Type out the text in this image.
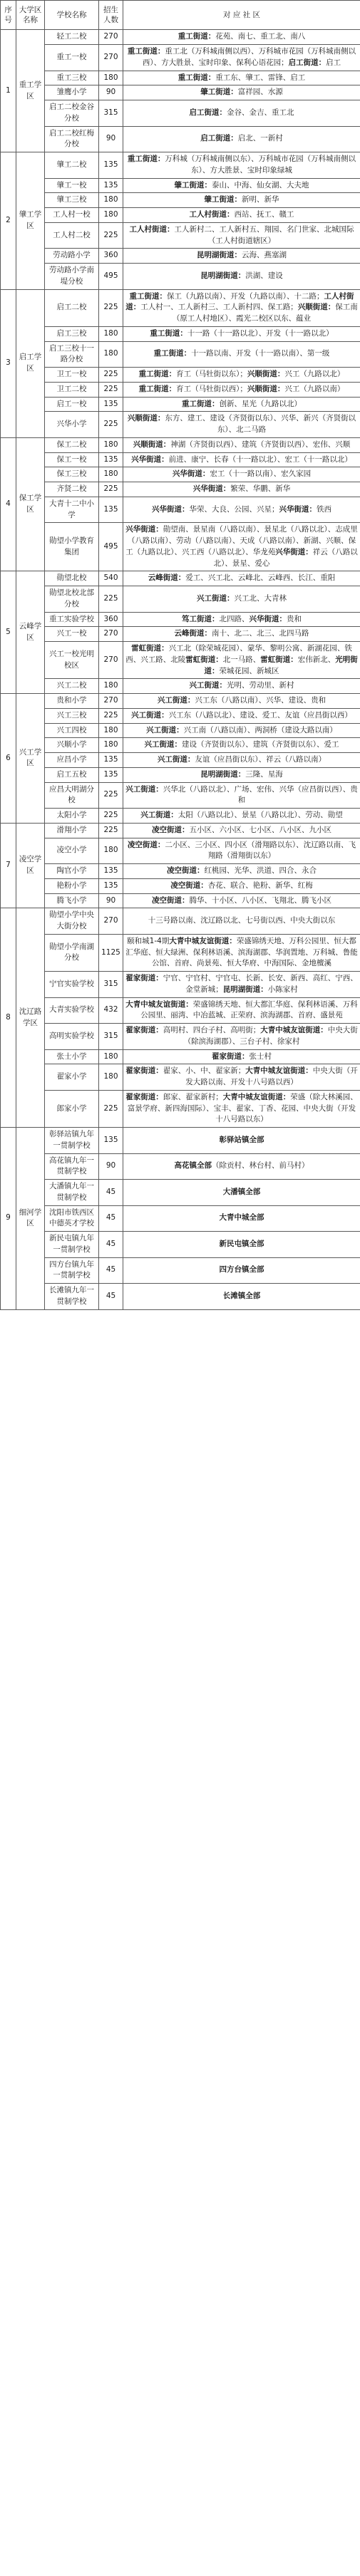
序号	大学区名称	学校名称	招生人数	对 应 社 区
1	重工学区	轻工二校	270	重工街道：花苑、南七、重工北、南八
		重工一校	270	重工街道：重工北（万科城南侧以西）、万科城市花园（万科城南侧以西）、方大胜景、宝时印象、保利心语花园；启工街道：启工
		重工三校	180	重工街道：重工东、肇工、雷锋、启工
		雏鹰小学	90	肇工街道：富祥园、水源
		启工二校金谷分校	315	启工街道：金谷、金吉、重工北
		启工二校红梅分校	90	启工街道：启北、一新村
2	肇工学区	肇工二校	135	重工街道：万科城（万科城南侧以东）、万科城市花园（万科城南侧以东）、方大胜景、宝时印象绿城
		肇工一校	135	肇工街道：泰山、中海、仙女湖、大夫地
		肇工三校	180	肇工街道：新明、新华
		工人村一校	180	工人村街道：西站、抚工、赣工
		工人村二校	225	工人村街道：工人新村二、工人新村五、翔园、名门世家、北城国际（工人村街道辖区）
		劳动路小学	360	昆明湖街道：云海、燕塞湖
		劳动路小学南堤分校	495	昆明湖街道：洪湖、建设
3	启工学区	启工二校	225	重工街道：保工（九路以南）、开发（九路以南）、十二路；工人村街道：工人村一、工人新村三、工人新村四、保工路；兴顺街道：保工南（原工人村地区）、霞光二校区以东、蕴业
		启工三校	180	重工街道：十一路（十一路以北）、开发（十一路以北）
		启工三校十一路分校	180	重工街道：十一路以南、开发（十一路以南）、第一级
		卫工一校	225	重工街道：育工（马牡街以东）；兴顺街道：兴工（九路以北）
		卫工二校	225	重工街道：育工（马牡街以西）；兴顺街道：兴工（九路以南）
		启工一校	135	重工街道：创新、星光（九路以北）
		兴华小学	225	兴顺街道：东方、建工、建设（齐贤街以东）、兴华、新兴（齐贤街以东）、北二马路
4	保工学区	保工二校	180	兴顺街道：神湖（齐贤街以西）、建筑（齐贤街以西）、宏伟、兴顺
		保工一校	135	兴华街道：前进、康宁、长春（十一路以北）、宏工（十一路以北）
		保工三校	180	兴华街道：宏工（十一路以南）、宏久家园
		齐贤二校	225	兴华街道：繁荣、华鹏、新华
		大青十二中小学	135	兴华街道：华荣、大良、公园、兴星；兴华街道：铁西
		勋望小学教育集团	495	兴华街道：勋望南、景星南（八路以南）、景星北（八路以北）、志成里（八路以南）、劳动（八路以南）、天成（八路以南）、新湖、兴顺、保工（九路以北）、兴工西（八路以北）、华龙苑兴华街道：祥云（八路以北）、景星、爱心
5	云峰学区	勋望北校	540	云峰街道：爱工、兴工北、云峰北、云峰西、长江、重阳
		勋望北校北部分校	225	兴工街道：兴工北、大青林
		重工实验学校	360	笃工街道：北四路、兴华街道：贵和
		兴工一校	270	云峰街道：南十、北二、北三、北四马路
		兴工一校光明校区	270	雷虹街道：兴工北（除荣城花园）、蒙华、黎明公寓、新湖花园、铁西、兴工路、北陵雷虹街道：北一马路、雷虹街道：宏伟新北、光明街道：荣城花园、新城区
		兴工二校	180	兴工街道：光明、劳动里、新村
6	兴工学区	贵和小学	270	兴工街道：兴工东（八路以南）、兴华、建设、贵和
		兴工三校	225	兴工街道：兴工东（八路以北）、建设、爱工、友谊（应昌街以西）
		兴工四校	180	兴工街道：兴工南（八路以南）、两洞桥（建设大路以南）
		兴顺小学	180	兴工街道：建设（齐贤街以东）、建筑（齐贤街以东）、爱工
		应昌小学	135	兴工街道：友谊（应昌街以东）、祥云（八路以南）
		启工五校	135	昆明湖街道：三隆、星海
		应昌大明湖分校	225	兴工街道：兴华北（八路以北）、广场、宏伟、兴华（应昌街以西）、贵和
		太阳小学	225	兴工街道：太阳（八路以北）、景星（八路以北）、劳动、勋望
7	凌空学区	滑翔小学	225	凌空街道：五小区、六小区、七小区、八小区、九小区
		凌空小学	180	凌空街道：二小区、三小区、四小区（滑翔路以东）、沈辽路以南、飞翔路（滑翔街以东）
		陶官小学	135	凌空街道：红桃园、光华、洪道、四合、永合
		艳粉小学	135	凌空街道：杏花、联合、艳粉、新华、红梅
		腾飞小学	90	凌空街道：腾华、十小区、八小区、飞翔北、腾飞小区
8	沈辽路学区	勋望小学中央大街分校	270	十三号路以南、沈辽路以北、七号街以西、中央大街以东
		勋望小学南湖分校	1125	颐和城1-4期大青中城友谊街道：荣盛锦绣天地、万科公园里、恒大都汇华庭、恒大绿洲、保利林语溪、滨海湖郡、华润置地、万科城、鲁能公馆、首府、尚景苑、恒大华府、中海国际、金地檀溪
		宁官实验学校	315	翟家街道：宁官、宁官村、宁官屯、长新、长安、新西、高红、宁西、金堂新城；昆明湖街道：小陈家村
		大青实验学校	432	大青中城友谊街道：荣盛锦绣天地、恒大都汇华庭、保利林语溪、万科公园里、丽湾、中冶蓝城、正荣府、滨海湖郡、首府、盛景苑
		高明实验学校	315	翟家街道：高明村、四台子村、高明街；大青中城友谊街道：中央大街（除滨海湖郡）、三台子村、徐家村
		张士小学	180	翟家街道：张士村
		翟家小学	180	翟家街道：翟家、小、中、翟家新；大青中城友谊街道：中央大街（开发大路以南、开发十八号路以西）
		郎家小学	225	翟家街道：郎家、翟家新村；大青中城友谊街道：荣盛（除大林溪园、富景学府、新四海国际）、宝丰、翟家、丁香、花园、中央大街（开发十八号路以东）
9	细河学区	彰驿站镇九年一贯制学校	135	彰驿站镇全部
		高花镇九年一贯制学校	90	高花镇全部（除贡村、林台村、前马村）
		大潘镇九年一贯制学校	45	大潘镇全部
		沈阳市铁西区中德英才学校	45	大青中城全部
		新民屯镇九年一贯制学校	45	新民屯镇全部
		四方台镇九年一贯制学校	45	四方台镇全部
		长滩镇九年一贯制学校	45	长滩镇全部
